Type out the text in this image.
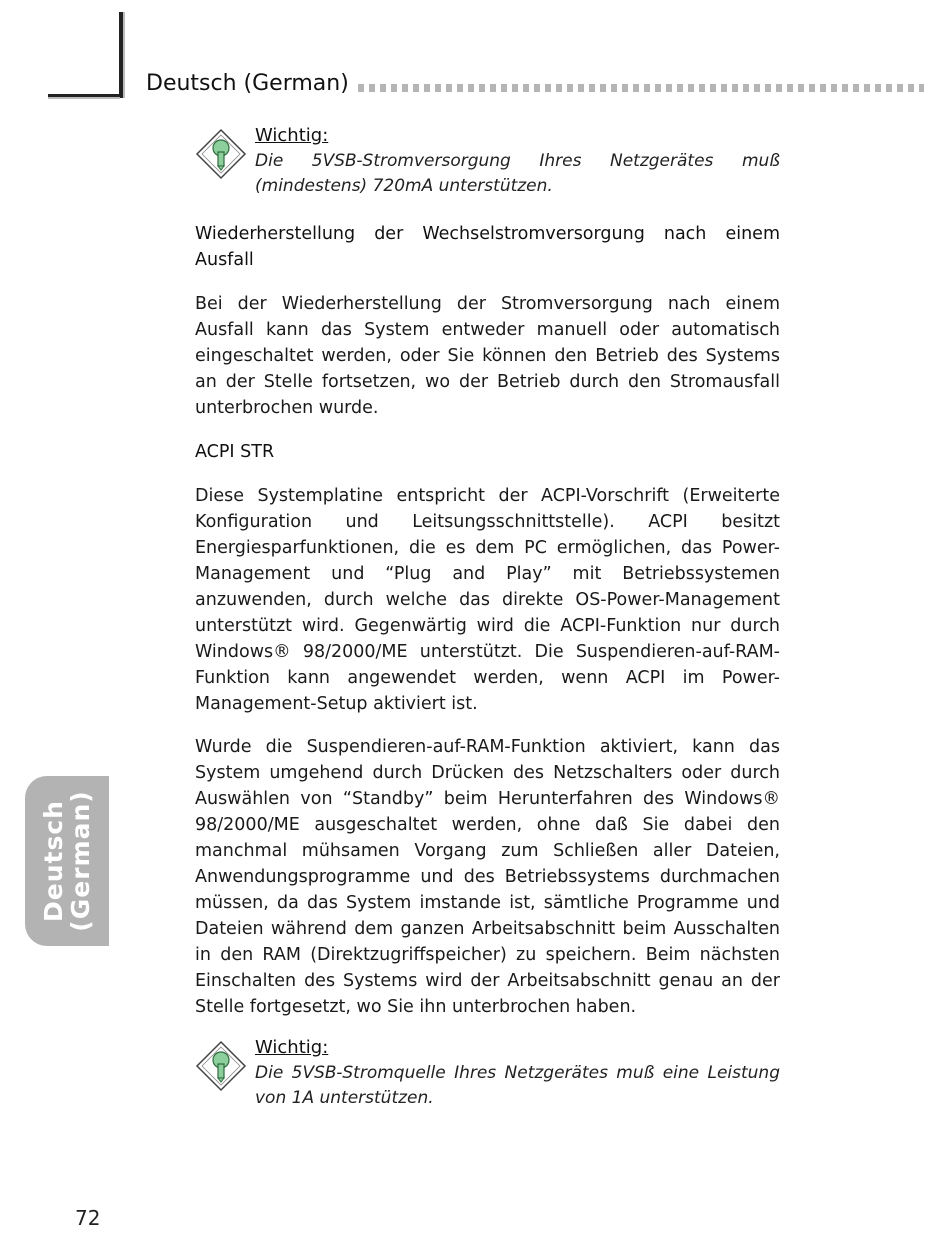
Deutsch (German)
Deutsch
(German)
Wichtig:
Die 5VSB-Stromversorgung Ihres Netzgerätes muß (mindestens) 720mA unterstützen.

Wiederherstellung der Wechselstromversorgung nach einem Ausfall

Bei der Wiederherstellung der Stromversorgung nach einem Ausfall kann das System entweder manuell oder automatisch eingeschaltet werden, oder Sie können den Betrieb des Systems an der Stelle fortsetzen, wo der Betrieb durch den Stromausfall unterbrochen wurde.

ACPI STR

Diese Systemplatine entspricht der ACPI-Vorschrift (Erweiterte Konfiguration und Leitsungsschnittstelle). ACPI besitzt Energiesparfunktionen, die es dem PC ermöglichen, das Power-Management und “Plug and Play” mit Betriebssystemen anzuwenden, durch welche das direkte OS-Power-Management unterstützt wird. Gegenwärtig wird die ACPI-Funktion nur durch Windows® 98/2000/ME unterstützt. Die Suspendieren-auf-RAM-Funktion kann angewendet werden, wenn ACPI im Power-Management-Setup aktiviert ist.

Wurde die Suspendieren-auf-RAM-Funktion aktiviert, kann das System umgehend durch Drücken des Netzschalters oder durch Auswählen von “Standby” beim Herunterfahren des Windows® 98/2000/ME ausgeschaltet werden, ohne daß Sie dabei den manchmal mühsamen Vorgang zum Schließen aller Dateien, Anwendungsprogramme und des Betriebssystems durchmachen müssen, da das System imstande ist, sämtliche Programme und Dateien während dem ganzen Arbeitsabschnitt beim Ausschalten in den RAM (Direktzugriffspeicher) zu speichern. Beim nächsten Einschalten des Systems wird der Arbeitsabschnitt genau an der Stelle fortgesetzt, wo Sie ihn unterbrochen haben.

Wichtig:
Die 5VSB-Stromquelle Ihres Netzgerätes muß eine Leistung von 1A unterstützen.
72
